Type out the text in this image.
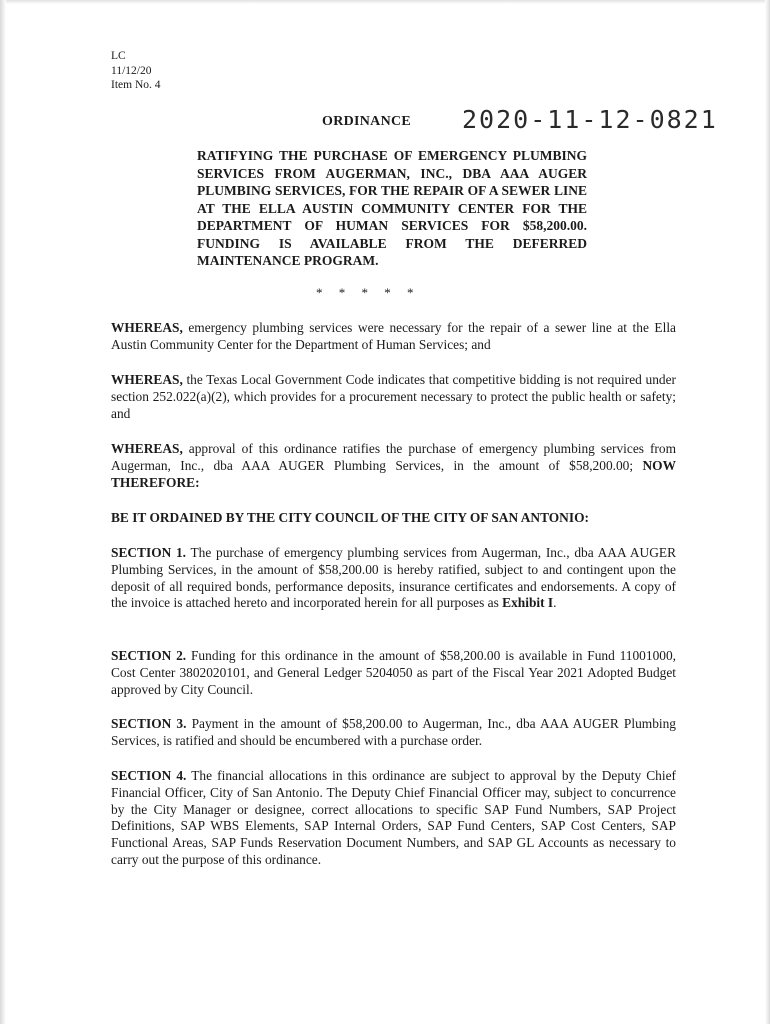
LC
11/12/20
Item No. 4
ORDINANCE 2020-11-12-0821
RATIFYING THE PURCHASE OF EMERGENCY PLUMBING SERVICES FROM AUGERMAN, INC., DBA AAA AUGER PLUMBING SERVICES, FOR THE REPAIR OF A SEWER LINE AT THE ELLA AUSTIN COMMUNITY CENTER FOR THE DEPARTMENT OF HUMAN SERVICES FOR $58,200.00. FUNDING IS AVAILABLE FROM THE DEFERRED MAINTENANCE PROGRAM.
*     *     *     *     *
WHEREAS, emergency plumbing services were necessary for the repair of a sewer line at the Ella Austin Community Center for the Department of Human Services; and
WHEREAS, the Texas Local Government Code indicates that competitive bidding is not required under section 252.022(a)(2), which provides for a procurement necessary to protect the public health or safety; and
WHEREAS, approval of this ordinance ratifies the purchase of emergency plumbing services from Augerman, Inc., dba AAA AUGER Plumbing Services, in the amount of $58,200.00; NOW THEREFORE:
BE IT ORDAINED BY THE CITY COUNCIL OF THE CITY OF SAN ANTONIO:
SECTION 1. The purchase of emergency plumbing services from Augerman, Inc., dba AAA AUGER Plumbing Services, in the amount of $58,200.00 is hereby ratified, subject to and contingent upon the deposit of all required bonds, performance deposits, insurance certificates and endorsements. A copy of the invoice is attached hereto and incorporated herein for all purposes as Exhibit I.
SECTION 2. Funding for this ordinance in the amount of $58,200.00 is available in Fund 11001000, Cost Center 3802020101, and General Ledger 5204050 as part of the Fiscal Year 2021 Adopted Budget approved by City Council.
SECTION 3. Payment in the amount of $58,200.00 to Augerman, Inc., dba AAA AUGER Plumbing Services, is ratified and should be encumbered with a purchase order.
SECTION 4. The financial allocations in this ordinance are subject to approval by the Deputy Chief Financial Officer, City of San Antonio. The Deputy Chief Financial Officer may, subject to concurrence by the City Manager or designee, correct allocations to specific SAP Fund Numbers, SAP Project Definitions, SAP WBS Elements, SAP Internal Orders, SAP Fund Centers, SAP Cost Centers, SAP Functional Areas, SAP Funds Reservation Document Numbers, and SAP GL Accounts as necessary to carry out the purpose of this ordinance.
